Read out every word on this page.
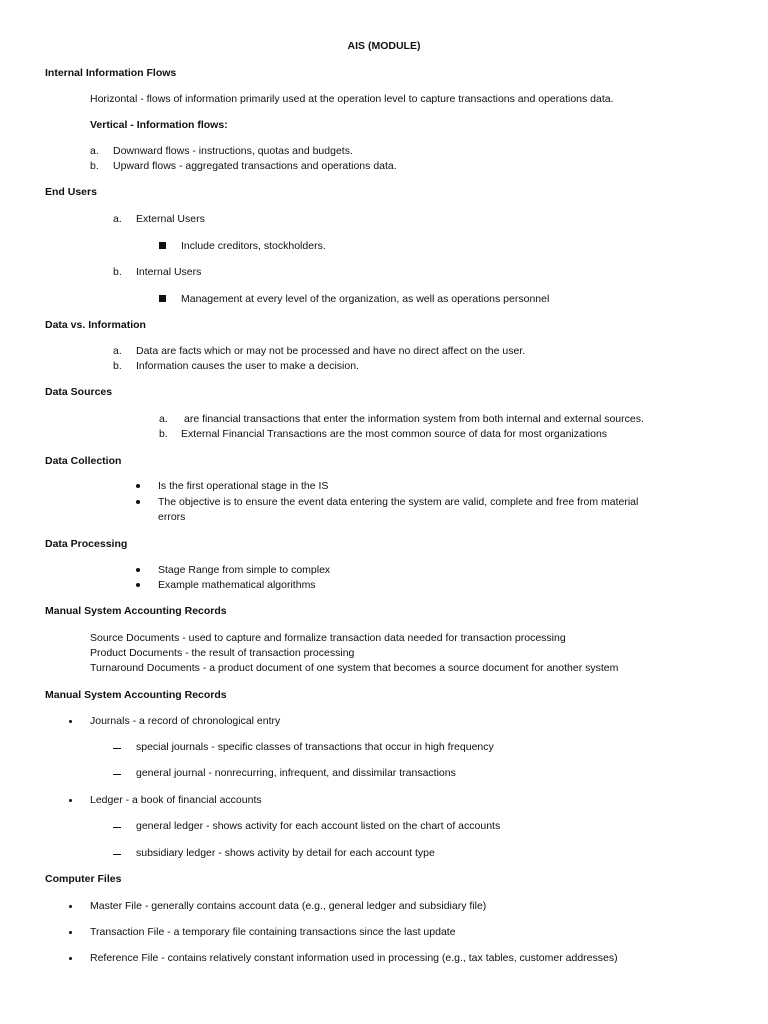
AIS (MODULE)
Internal Information Flows
Horizontal - flows of information primarily used at the operation level to capture transactions and operations data.
Vertical - Information flows:
a. Downward flows - instructions, quotas and budgets.
b. Upward flows - aggregated transactions and operations data.
End Users
a. External Users
Include creditors, stockholders.
b. Internal Users
Management at every level of the organization, as well as operations personnel
Data vs. Information
a. Data are facts which or may not be processed and have no direct affect on the user.
b. Information causes the user to make a decision.
Data Sources
a. are financial transactions that enter the information system from both internal and external sources.
b. External Financial Transactions are the most common source of data for most organizations
Data Collection
Is the first operational stage in the IS
The objective is to ensure the event data entering the system are valid, complete and free from material
errors
Data Processing
Stage Range from simple to complex
Example mathematical algorithms
Manual System Accounting Records
Source Documents - used to capture and formalize transaction data needed for transaction processing
Product Documents - the result of transaction processing
Turnaround Documents - a product document of one system that becomes a source document for another system
Manual System Accounting Records
Journals - a record of chronological entry
special journals - specific classes of transactions that occur in high frequency
general journal - nonrecurring, infrequent, and dissimilar transactions
Ledger - a book of financial accounts
general ledger - shows activity for each account listed on the chart of accounts
subsidiary ledger - shows activity by detail for each account type
Computer Files
Master File - generally contains account data (e.g., general ledger and subsidiary file)
Transaction File - a temporary file containing transactions since the last update
Reference File - contains relatively constant information used in processing (e.g., tax tables, customer addresses)
